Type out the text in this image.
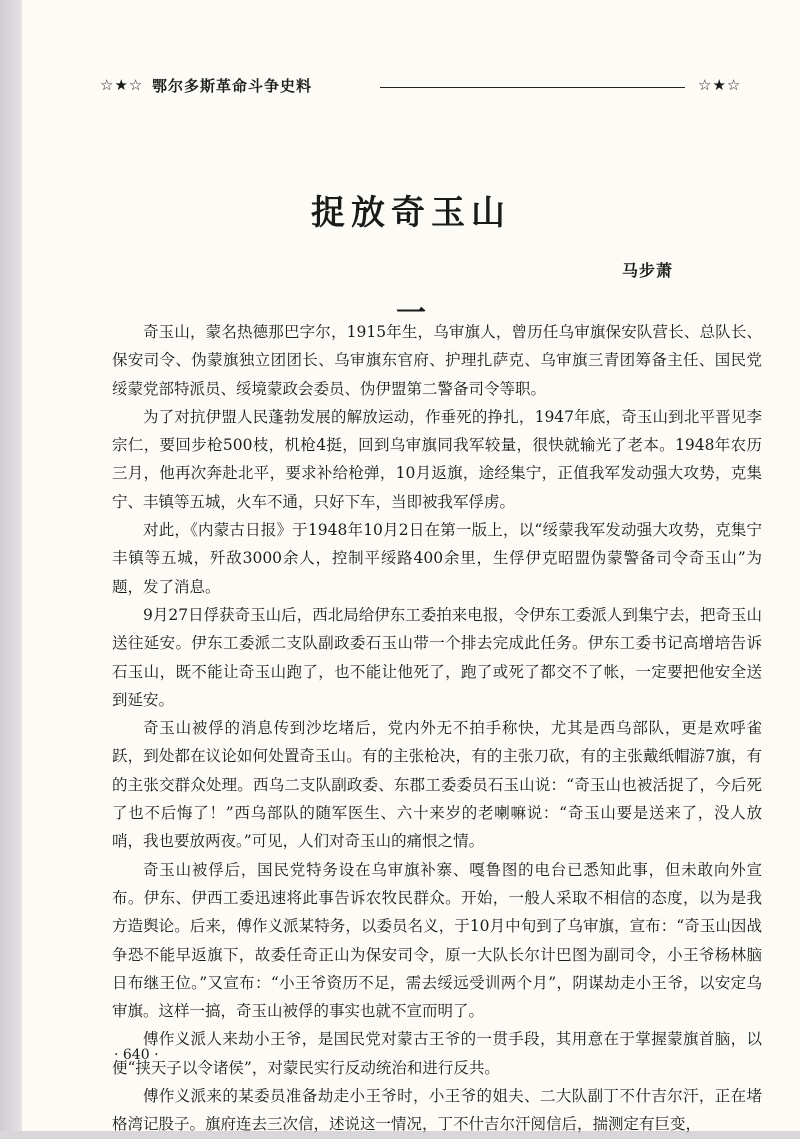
☆★☆ 鄂尔多斯革命斗争史料	☆★☆
捉放奇玉山
马步萧
一

奇玉山，蒙名热德那巴字尔，1915年生，乌审旗人，曾历任乌审旗保安队营长、总队长、保安司令、伪蒙旗独立团团长、乌审旗东官府、护理扎萨克、乌审旗三青团筹备主任、国民党绥蒙党部特派员、绥境蒙政会委员、伪伊盟第二警备司令等职。

为了对抗伊盟人民蓬勃发展的解放运动，作垂死的挣扎，1947年底，奇玉山到北平晋见李宗仁，要回步枪500枝，机枪4挺，回到乌审旗同我军较量，很快就输光了老本。1948年农历三月，他再次奔赴北平，要求补给枪弹，10月返旗，途经集宁，正值我军发动强大攻势，克集宁、丰镇等五城，火车不通，只好下车，当即被我军俘虏。

对此，《内蒙古日报》于1948年10月2日在第一版上，以“绥蒙我军发动强大攻势，克集宁丰镇等五城，歼敌3000余人，控制平绥路400余里，生俘伊克昭盟伪蒙警备司令奇玉山”为题，发了消息。

9月27日俘获奇玉山后，西北局给伊东工委拍来电报，令伊东工委派人到集宁去，把奇玉山送往延安。伊东工委派二支队副政委石玉山带一个排去完成此任务。伊东工委书记高增培告诉石玉山，既不能让奇玉山跑了，也不能让他死了，跑了或死了都交不了帐，一定要把他安全送到延安。

奇玉山被俘的消息传到沙圪堵后，党内外无不拍手称快，尤其是西乌部队，更是欢呼雀跃，到处都在议论如何处置奇玉山。有的主张枪决，有的主张刀砍，有的主张戴纸帽游7旗，有的主张交群众处理。西乌二支队副政委、东郡工委委员石玉山说：“奇玉山也被活捉了，今后死了也不后悔了！”西乌部队的随军医生、六十来岁的老喇嘛说：“奇玉山要是送来了，没人放哨，我也要放两夜。”可见，人们对奇玉山的痛恨之情。

奇玉山被俘后，国民党特务设在乌审旗补寨、嘎鲁图的电台已悉知此事，但未敢向外宣布。伊东、伊西工委迅速将此事告诉农牧民群众。开始，一般人采取不相信的态度，以为是我方造舆论。后来，傅作义派某特务，以委员名义，于10月中旬到了乌审旗，宣布：“奇玉山因战争恐不能早返旗下，故委任奇正山为保安司令，原一大队长尔计巴图为副司令，小王爷杨林脑日布继王位。”又宣布：“小王爷资历不足，需去绥远受训两个月”，阴谋劫走小王爷，以安定乌审旗。这样一搞，奇玉山被俘的事实也就不宣而明了。

傅作义派人来劫小王爷，是国民党对蒙古王爷的一贯手段，其用意在于掌握蒙旗首脑，以便“挟天子以令诸侯”，对蒙民实行反动统治和进行反共。

傅作义派来的某委员准备劫走小王爷时，小王爷的姐夫、二大队副丁不什吉尔汗，正在堵格湾记股子。旗府连去三次信，述说这一情况，丁不什吉尔汗阅信后，揣测定有巨变，

· 640 ·
